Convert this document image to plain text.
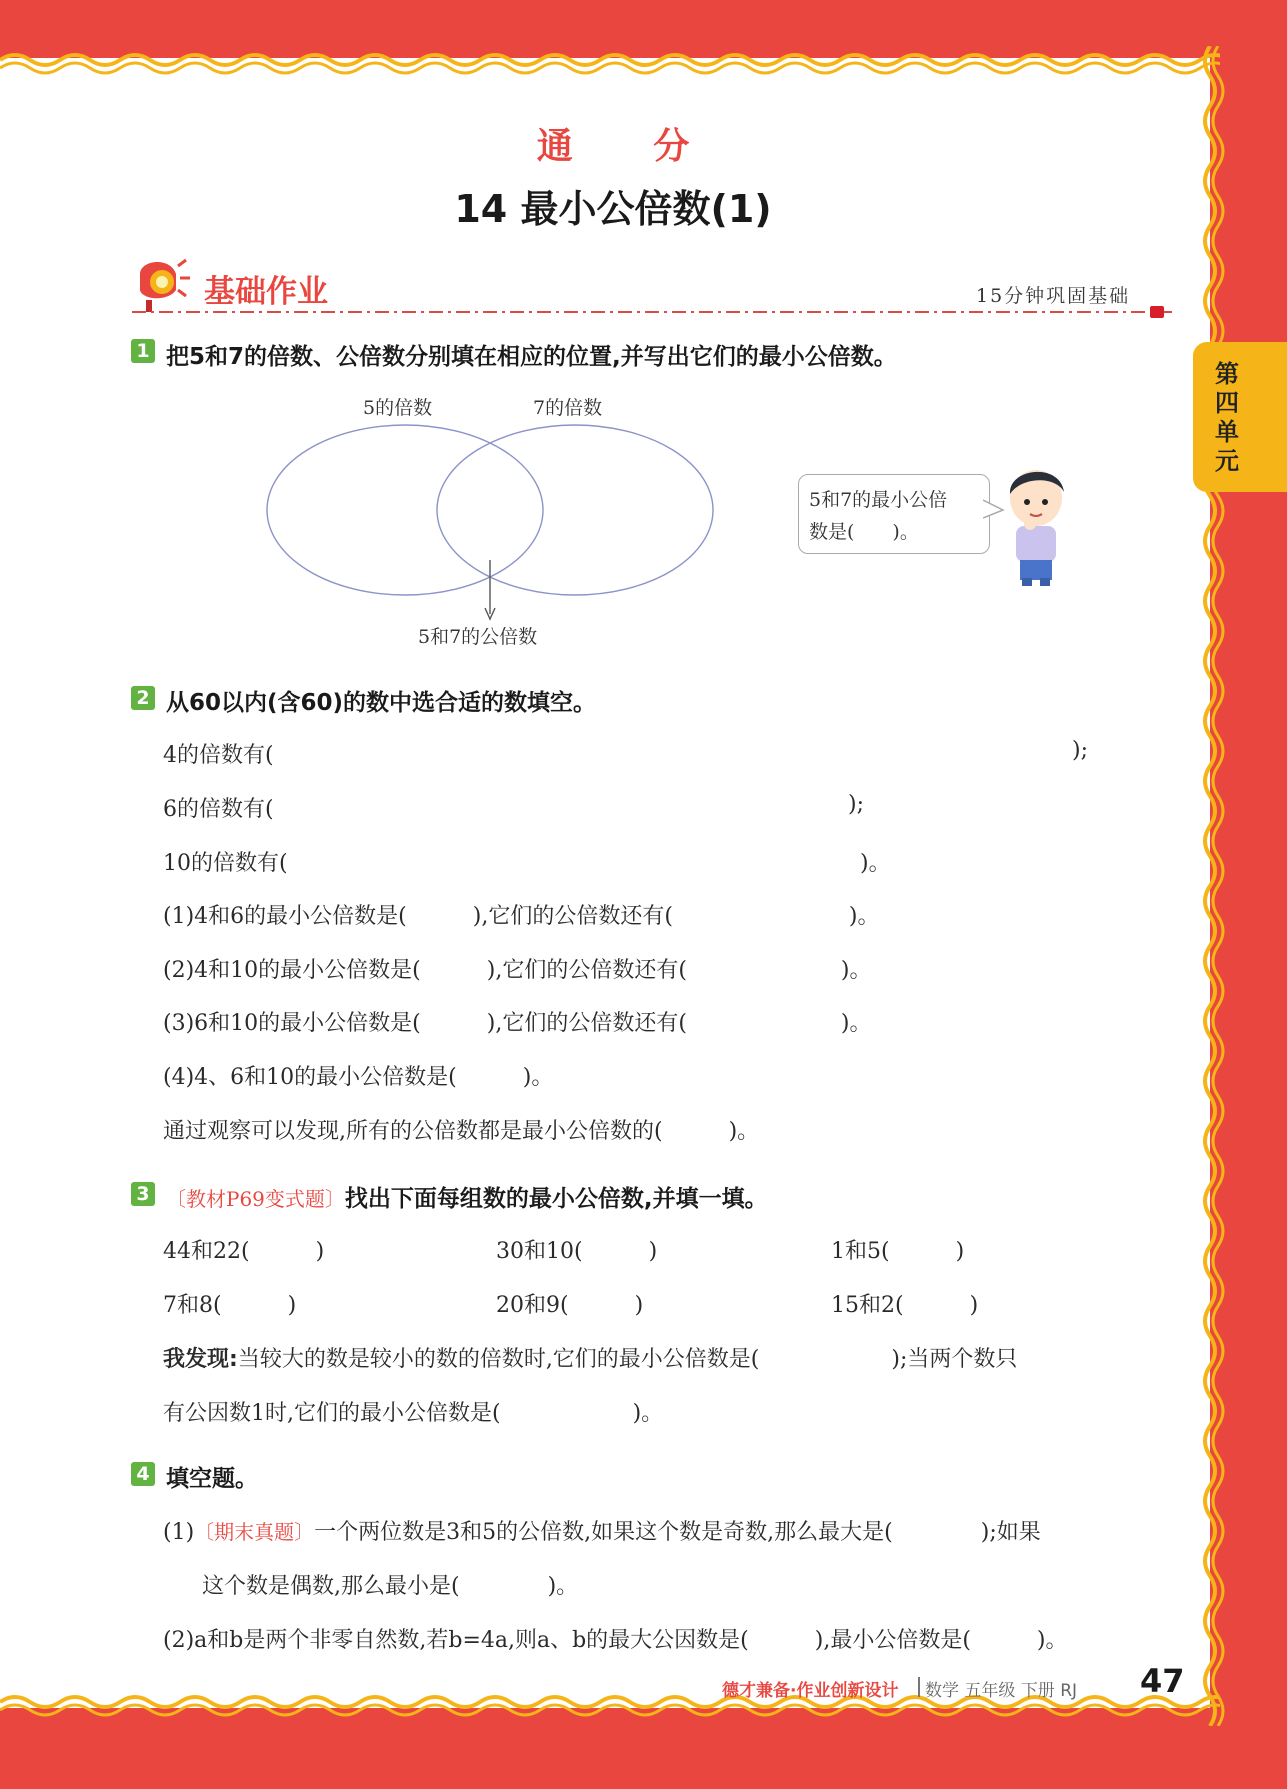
第四单元
通 分
14 最小公倍数(1)
基础作业	15分钟巩固基础
1 把5和7的倍数、公倍数分别填在相应的位置,并写出它们的最小公倍数。
5的倍数	7的倍数
5和7的公倍数
5和7的最小公倍
数是(　　)。
2 从60以内(含60)的数中选合适的数填空。
4的倍数有(	);
6的倍数有(	);
10的倍数有(	)。
(1)4和6的最小公倍数是(　　　),它们的公倍数还有(　　　　　　　　)。
(2)4和10的最小公倍数是(　　　),它们的公倍数还有(　　　　　　　)。
(3)6和10的最小公倍数是(　　　),它们的公倍数还有(　　　　　　　)。
(4)4、6和10的最小公倍数是(　　　)。
通过观察可以发现,所有的公倍数都是最小公倍数的(　　　)。
3 〔教材P69变式题〕找出下面每组数的最小公倍数,并填一填。
44和22(　　　)	30和10(　　　)	1和5(　　　)
7和8(　　　)	20和9(　　　)	15和2(　　　)
我发现:当较大的数是较小的数的倍数时,它们的最小公倍数是(　　　　　　);当两个数只
有公因数1时,它们的最小公倍数是(　　　　　　)。
4 填空题。
(1)〔期末真题〕一个两位数是3和5的公倍数,如果这个数是奇数,那么最大是(　　　　);如果
这个数是偶数,那么最小是(　　　　)。
(2)a和b是两个非零自然数,若b=4a,则a、b的最大公因数是(　　　),最小公倍数是(　　　)。
德才兼备·作业创新设计 数学 五年级 下册 RJ 47
